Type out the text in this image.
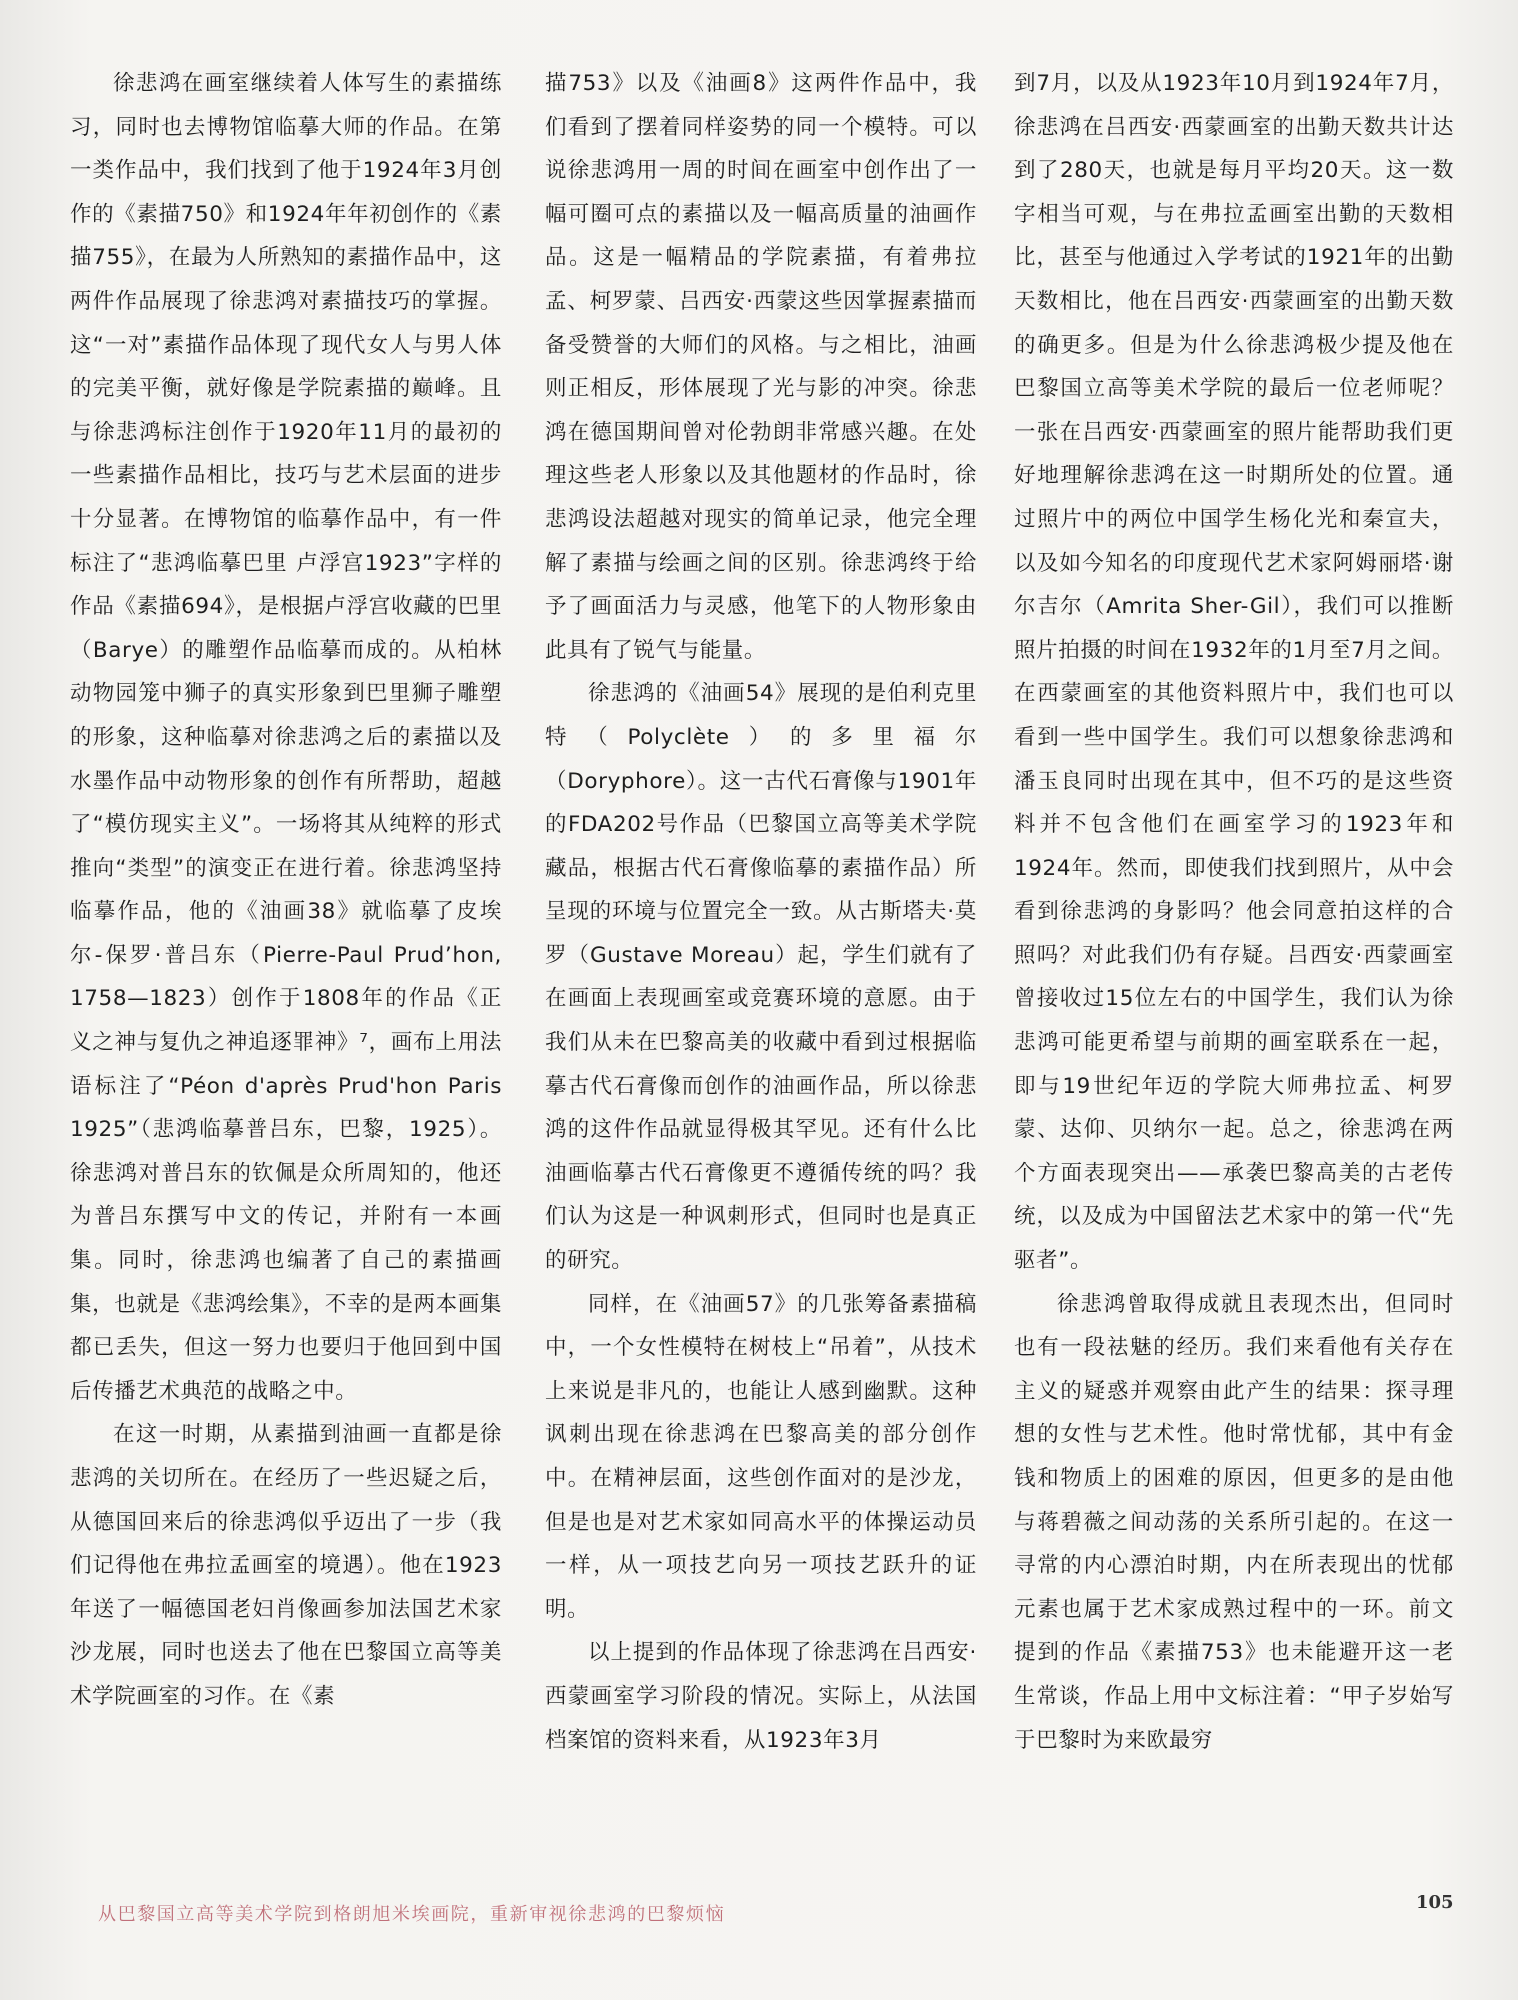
徐悲鸿在画室继续着人体写生的素描练习，同时也去博物馆临摹大师的作品。在第一类作品中，我们找到了他于1924年3月创作的《素描750》和1924年年初创作的《素描755》，在最为人所熟知的素描作品中，这两件作品展现了徐悲鸿对素描技巧的掌握。这“一对”素描作品体现了现代女人与男人体的完美平衡，就好像是学院素描的巅峰。且与徐悲鸿标注创作于1920年11月的最初的一些素描作品相比，技巧与艺术层面的进步十分显著。在博物馆的临摹作品中，有一件标注了“悲鸿临摹巴里 卢浮宫1923”字样的作品《素描694》，是根据卢浮宫收藏的巴里（Barye）的雕塑作品临摹而成的。从柏林动物园笼中狮子的真实形象到巴里狮子雕塑的形象，这种临摹对徐悲鸿之后的素描以及水墨作品中动物形象的创作有所帮助，超越了“模仿现实主义”。一场将其从纯粹的形式推向“类型”的演变正在进行着。徐悲鸿坚持临摹作品，他的《油画38》就临摹了皮埃尔-保罗·普吕东（Pierre-Paul Prud’hon, 1758—1823）创作于1808年的作品《正义之神与复仇之神追逐罪神》⁷，画布上用法语标注了“Péon d'après Prud'hon Paris 1925”（悲鸿临摹普吕东，巴黎，1925）。徐悲鸿对普吕东的钦佩是众所周知的，他还为普吕东撰写中文的传记，并附有一本画集。同时，徐悲鸿也编著了自己的素描画集，也就是《悲鸿绘集》，不幸的是两本画集都已丢失，但这一努力也要归于他回到中国后传播艺术典范的战略之中。

在这一时期，从素描到油画一直都是徐悲鸿的关切所在。在经历了一些迟疑之后，从德国回来后的徐悲鸿似乎迈出了一步（我们记得他在弗拉孟画室的境遇）。他在1923年送了一幅德国老妇肖像画参加法国艺术家沙龙展，同时也送去了他在巴黎国立高等美术学院画室的习作。在《素

描753》以及《油画8》这两件作品中，我们看到了摆着同样姿势的同一个模特。可以说徐悲鸿用一周的时间在画室中创作出了一幅可圈可点的素描以及一幅高质量的油画作品。这是一幅精品的学院素描，有着弗拉孟、柯罗蒙、吕西安·西蒙这些因掌握素描而备受赞誉的大师们的风格。与之相比，油画则正相反，形体展现了光与影的冲突。徐悲鸿在德国期间曾对伦勃朗非常感兴趣。在处理这些老人形象以及其他题材的作品时，徐悲鸿设法超越对现实的简单记录，他完全理解了素描与绘画之间的区别。徐悲鸿终于给予了画面活力与灵感，他笔下的人物形象由此具有了锐气与能量。

徐悲鸿的《油画54》展现的是伯利克里特（Polyclète）的多里福尔（Doryphore）。这一古代石膏像与1901年的FDA202号作品（巴黎国立高等美术学院藏品，根据古代石膏像临摹的素描作品）所呈现的环境与位置完全一致。从古斯塔夫·莫罗（Gustave Moreau）起，学生们就有了在画面上表现画室或竞赛环境的意愿。由于我们从未在巴黎高美的收藏中看到过根据临摹古代石膏像而创作的油画作品，所以徐悲鸿的这件作品就显得极其罕见。还有什么比油画临摹古代石膏像更不遵循传统的吗？我们认为这是一种讽刺形式，但同时也是真正的研究。

同样，在《油画57》的几张筹备素描稿中，一个女性模特在树枝上“吊着”，从技术上来说是非凡的，也能让人感到幽默。这种讽刺出现在徐悲鸿在巴黎高美的部分创作中。在精神层面，这些创作面对的是沙龙，但是也是对艺术家如同高水平的体操运动员一样，从一项技艺向另一项技艺跃升的证明。

以上提到的作品体现了徐悲鸿在吕西安·西蒙画室学习阶段的情况。实际上，从法国档案馆的资料来看，从1923年3月

到7月，以及从1923年10月到1924年7月，徐悲鸿在吕西安·西蒙画室的出勤天数共计达到了280天，也就是每月平均20天。这一数字相当可观，与在弗拉孟画室出勤的天数相比，甚至与他通过入学考试的1921年的出勤天数相比，他在吕西安·西蒙画室的出勤天数的确更多。但是为什么徐悲鸿极少提及他在巴黎国立高等美术学院的最后一位老师呢？一张在吕西安·西蒙画室的照片能帮助我们更好地理解徐悲鸿在这一时期所处的位置。通过照片中的两位中国学生杨化光和秦宣夫，以及如今知名的印度现代艺术家阿姆丽塔·谢尔吉尔（Amrita Sher-Gil），我们可以推断照片拍摄的时间在1932年的1月至7月之间。在西蒙画室的其他资料照片中，我们也可以看到一些中国学生。我们可以想象徐悲鸿和潘玉良同时出现在其中，但不巧的是这些资料并不包含他们在画室学习的1923年和1924年。然而，即使我们找到照片，从中会看到徐悲鸿的身影吗？他会同意拍这样的合照吗？对此我们仍有存疑。吕西安·西蒙画室曾接收过15位左右的中国学生，我们认为徐悲鸿可能更希望与前期的画室联系在一起，即与19世纪年迈的学院大师弗拉孟、柯罗蒙、达仰、贝纳尔一起。总之，徐悲鸿在两个方面表现突出——承袭巴黎高美的古老传统，以及成为中国留法艺术家中的第一代“先驱者”。

徐悲鸿曾取得成就且表现杰出，但同时也有一段祛魅的经历。我们来看他有关存在主义的疑惑并观察由此产生的结果：探寻理想的女性与艺术性。他时常忧郁，其中有金钱和物质上的困难的原因，但更多的是由他与蒋碧薇之间动荡的关系所引起的。在这一寻常的内心漂泊时期，内在所表现出的忧郁元素也属于艺术家成熟过程中的一环。前文提到的作品《素描753》也未能避开这一老生常谈，作品上用中文标注着：“甲子岁始写于巴黎时为来欧最穷

从巴黎国立高等美术学院到格朗旭米埃画院，重新审视徐悲鸿的巴黎烦恼
105
